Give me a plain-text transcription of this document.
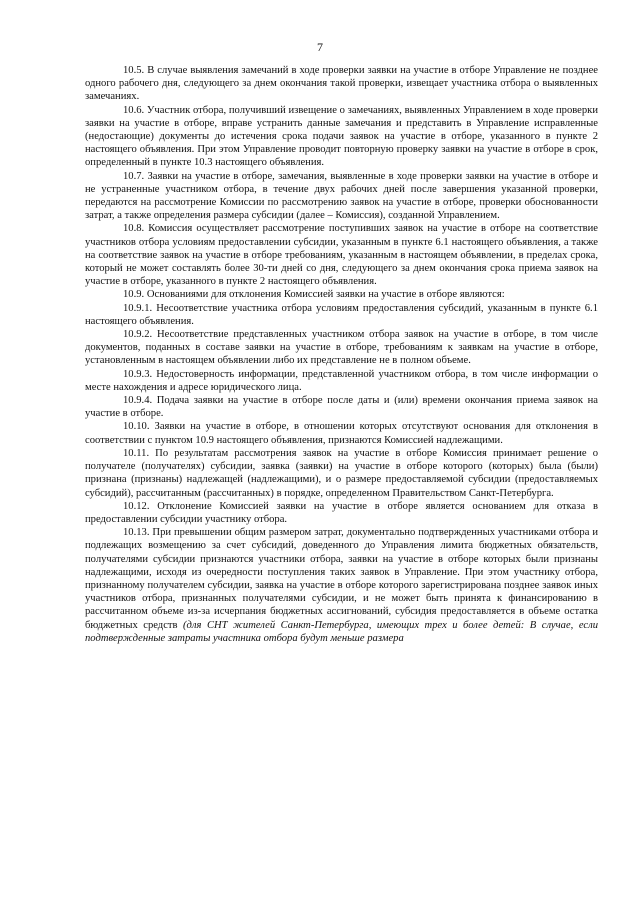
7

10.5. В случае выявления замечаний в ходе проверки заявки на участие в отборе Управление не позднее одного рабочего дня, следующего за днем окончания такой проверки, извещает участника отбора о выявленных замечаниях.

10.6. Участник отбора, получивший извещение о замечаниях, выявленных Управлением в ходе проверки заявки на участие в отборе, вправе устранить данные замечания и представить в Управление исправленные (недостающие) документы до истечения срока подачи заявок на участие в отборе, указанного в пункте 2 настоящего объявления. При этом Управление проводит повторную проверку заявки на участие в отборе в срок, определенный в пункте 10.3 настоящего объявления.

10.7. Заявки на участие в отборе, замечания, выявленные в ходе проверки заявки на участие в отборе и не устраненные участником отбора, в течение двух рабочих дней после завершения указанной проверки, передаются на рассмотрение Комиссии по рассмотрению заявок на участие в отборе, проверки обоснованности затрат, а также определения размера субсидии (далее – Комиссия), созданной Управлением.

10.8. Комиссия осуществляет рассмотрение поступивших заявок на участие в отборе на соответствие участников отбора условиям предоставлении субсидии, указанным в пункте 6.1 настоящего объявления, а также на соответствие заявок на участие в отборе требованиям, указанным в настоящем объявлении, в пределах срока, который не может составлять более 30-ти дней со дня, следующего за днем окончания срока приема заявок на участие в отборе, указанного в пункте 2 настоящего объявления.

10.9. Основаниями для отклонения Комиссией заявки на участие в отборе являются:

10.9.1. Несоответствие участника отбора условиям предоставления субсидий, указанным в пункте 6.1 настоящего объявления.

10.9.2. Несоответствие представленных участником отбора заявок на участие в отборе, в том числе документов, поданных в составе заявки на участие в отборе, требованиям к заявкам на участие в отборе, установленным в настоящем объявлении либо их представление не в полном объеме.

10.9.3. Недостоверность информации, представленной участником отбора, в том числе информации о месте нахождения и адресе юридического лица.

10.9.4. Подача заявки на участие в отборе после даты и (или) времени окончания приема заявок на участие в отборе.

10.10. Заявки на участие в отборе, в отношении которых отсутствуют основания для отклонения в соответствии с пунктом 10.9 настоящего объявления, признаются Комиссией надлежащими.

10.11. По результатам рассмотрения заявок на участие в отборе Комиссия принимает решение о получателе (получателях) субсидии, заявка (заявки) на участие в отборе которого (которых) была (были) признана (признаны) надлежащей (надлежащими), и о размере предоставляемой субсидии (предоставляемых субсидий), рассчитанным (рассчитанных) в порядке, определенном Правительством Санкт-Петербурга.

10.12. Отклонение Комиссией заявки на участие в отборе является основанием для отказа в предоставлении субсидии участнику отбора.

10.13. При превышении общим размером затрат, документально подтвержденных участниками отбора и подлежащих возмещению за счет субсидий, доведенного до Управления лимита бюджетных обязательств, получателями субсидии признаются участники отбора, заявки на участие в отборе которых были признаны надлежащими, исходя из очередности поступления таких заявок в Управление. При этом участнику отбора, признанному получателем субсидии, заявка на участие в отборе которого зарегистрирована позднее заявок иных участников отбора, признанных получателями субсидии, и не может быть принята к финансированию в рассчитанном объеме из-за исчерпания бюджетных ассигнований, субсидия предоставляется в объеме остатка бюджетных средств (для СНТ жителей Санкт-Петербурга, имеющих трех и более детей: В случае, если подтвержденные затраты участника отбора будут меньше размера
